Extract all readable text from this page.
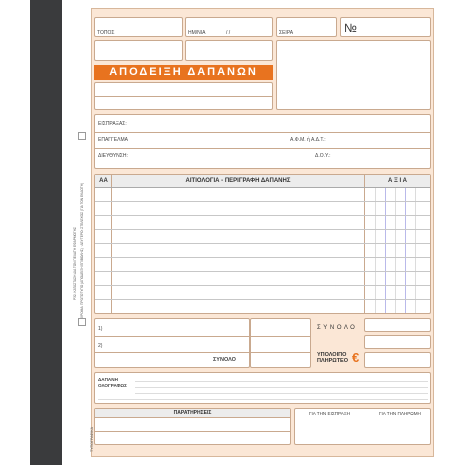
Ρ32. ΚΑΤΑΣΤΑΣΗ ΔΙΑ ΤΟΝ ΠΕΛΑΤΗ ΕΦΑΡΜΟΓΗΣ ΧΡΩΜΑ: ΠΡΩΤΟΤΥΠΟ (ΑΠΟΔΕΙΞΗ ΕΠΙΒΟΛΗΣ) · ΔΕΥΤΕΡΟ: ΣΤΕΛΕΧΟΣ (ΓΙΑ ΤΟΝ ΕΚΔΟΤΗ)
ΤΟΠΟΣ	ΗΜ/ΝΙΑ	/ /	ΣΕΙΡΑ	№
ΑΠΟΔΕΙΞΗ ΔΑΠΑΝΩΝ
ΕΙΣΠΡΑΞΑΣ:
ΕΠΑΓΓΕΛΜΑ	Α.Φ.Μ. ή Α.Δ.Τ.:
ΔΙΕΥΘΥΝΣΗ:	Δ.Ο.Υ.:
ΑΑ	ΑΙΤΙΟΛΟΓΙΑ - ΠΕΡΙΓΡΑΦΗ ΔΑΠΑΝΗΣ	Α Ξ Ι Α
1)
2)
ΣΥΝΟΛΟ
Σ Υ Ν Ο Λ Ο
ΥΠΟΛΟΙΠΟ ΠΛΗΡΩΤΕΟ €
ΔΑΠΑΝΗ ΟΛΟΓΡΑΦΩΣ
ΠΑΡΑΤΗΡΗΣΕΙΣ	ΓΙΑ ΤΗΝ ΕΙΣΠΡΑΞΗ	ΓΙΑ ΤΗΝ ΠΛΗΡΩΜΗ
ΤΥΠΟΓΡΑΦΙΚΑ
